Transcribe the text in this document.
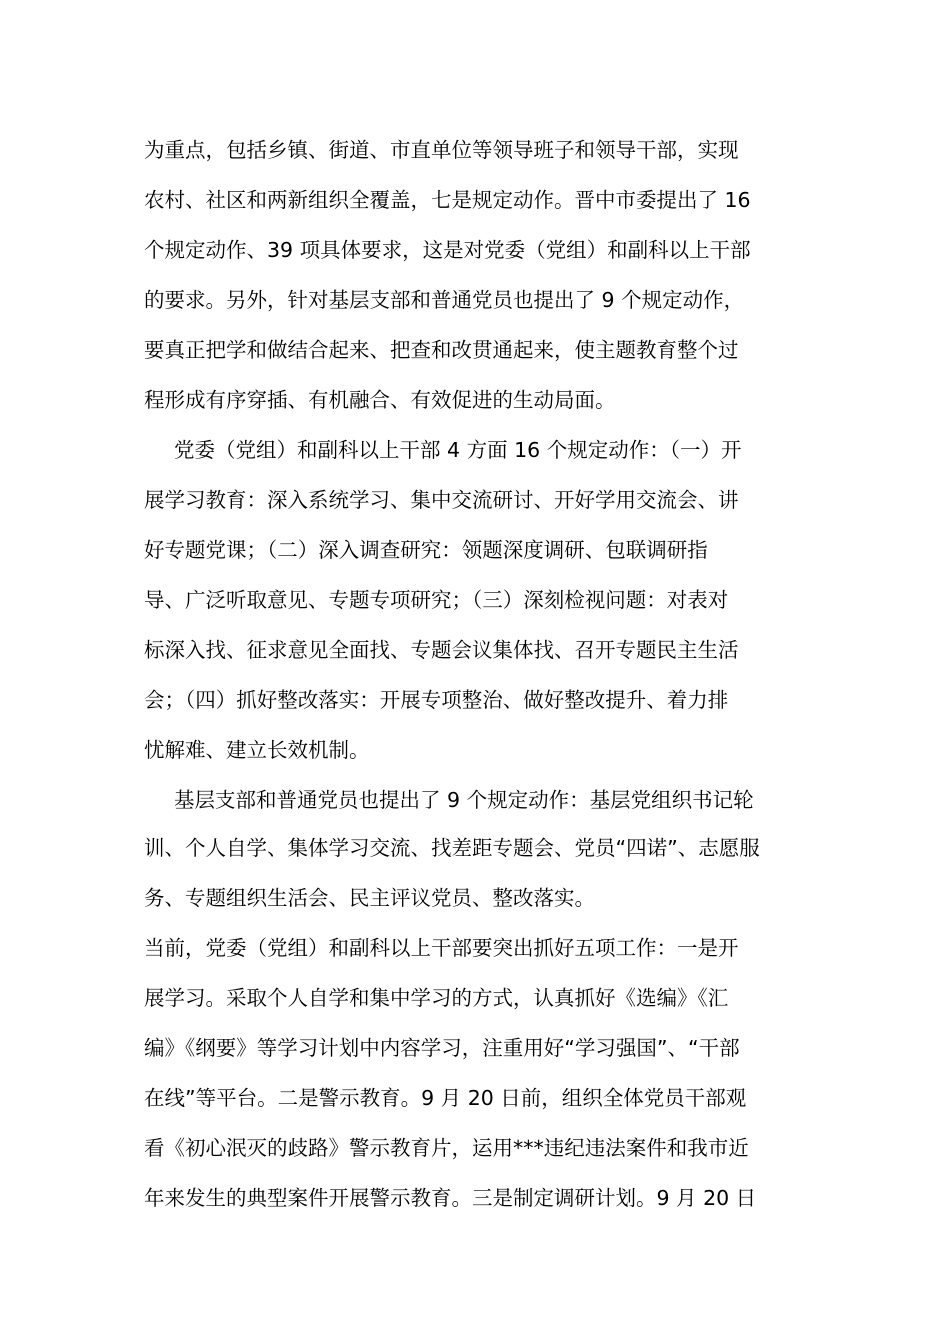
为重点，包括乡镇、街道、市直单位等领导班子和领导干部，实现
农村、社区和两新组织全覆盖，七是规定动作。晋中市委提出了 16
个规定动作、39 项具体要求，这是对党委（党组）和副科以上干部
的要求。另外，针对基层支部和普通党员也提出了 9 个规定动作，
要真正把学和做结合起来、把查和改贯通起来，使主题教育整个过
程形成有序穿插、有机融合、有效促进的生动局面。
党委（党组）和副科以上干部 4 方面 16 个规定动作：（一）开
展学习教育：深入系统学习、集中交流研讨、开好学用交流会、讲
好专题党课；（二）深入调查研究：领题深度调研、包联调研指
导、广泛听取意见、专题专项研究；（三）深刻检视问题：对表对
标深入找、征求意见全面找、专题会议集体找、召开专题民主生活
会；（四）抓好整改落实：开展专项整治、做好整改提升、着力排
忧解难、建立长效机制。
基层支部和普通党员也提出了 9 个规定动作：基层党组织书记轮
训、个人自学、集体学习交流、找差距专题会、党员“四诺”、志愿服
务、专题组织生活会、民主评议党员、整改落实。
当前，党委（党组）和副科以上干部要突出抓好五项工作：一是开
展学习。采取个人自学和集中学习的方式，认真抓好《选编》《汇
编》《纲要》等学习计划中内容学习，注重用好“学习强国”、“干部
在线”等平台。二是警示教育。9 月 20 日前，组织全体党员干部观
看《初心泯灭的歧路》警示教育片，运用***违纪违法案件和我市近
年来发生的典型案件开展警示教育。三是制定调研计划。9 月 20 日
